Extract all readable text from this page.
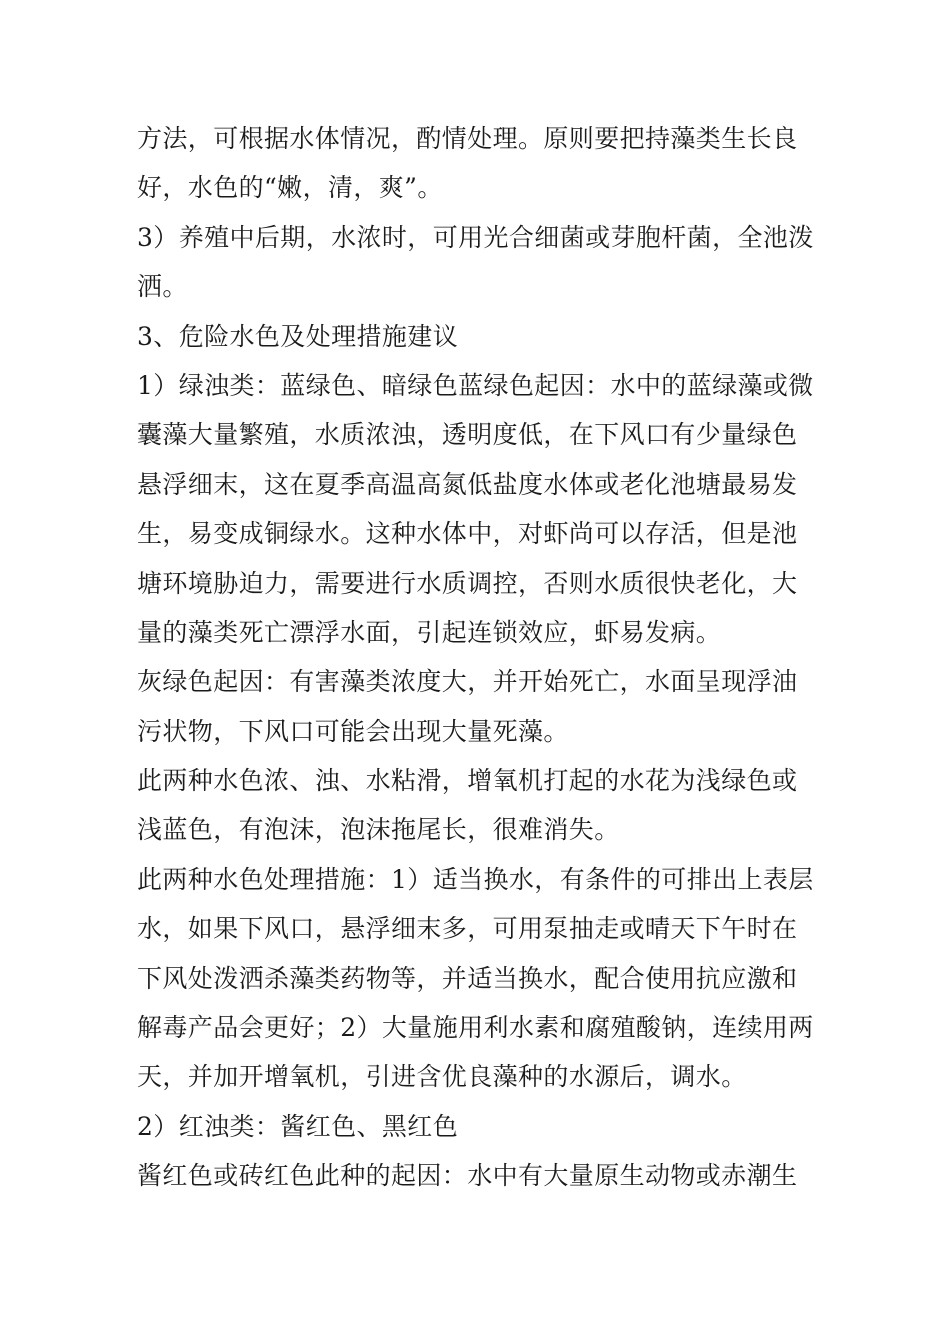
方法，可根据水体情况，酌情处理。原则要把持藻类生长良
好，水色的“嫩，清，爽”。
3）养殖中后期，水浓时，可用光合细菌或芽胞杆菌，全池泼
洒。
3、危险水色及处理措施建议
1）绿浊类：蓝绿色、暗绿色蓝绿色起因：水中的蓝绿藻或微
囊藻大量繁殖，水质浓浊，透明度低，在下风口有少量绿色
悬浮细末，这在夏季高温高氮低盐度水体或老化池塘最易发
生，易变成铜绿水。这种水体中，对虾尚可以存活，但是池
塘环境胁迫力，需要进行水质调控，否则水质很快老化，大
量的藻类死亡漂浮水面，引起连锁效应，虾易发病。
灰绿色起因：有害藻类浓度大，并开始死亡，水面呈现浮油
污状物，下风口可能会出现大量死藻。
此两种水色浓、浊、水粘滑，增氧机打起的水花为浅绿色或
浅蓝色，有泡沫，泡沫拖尾长，很难消失。
此两种水色处理措施：1）适当换水，有条件的可排出上表层
水，如果下风口，悬浮细末多，可用泵抽走或晴天下午时在
下风处泼洒杀藻类药物等，并适当换水，配合使用抗应激和
解毒产品会更好；2）大量施用利水素和腐殖酸钠，连续用两
天，并加开增氧机，引进含优良藻种的水源后，调水。
2）红浊类：酱红色、黑红色
酱红色或砖红色此种的起因：水中有大量原生动物或赤潮生
